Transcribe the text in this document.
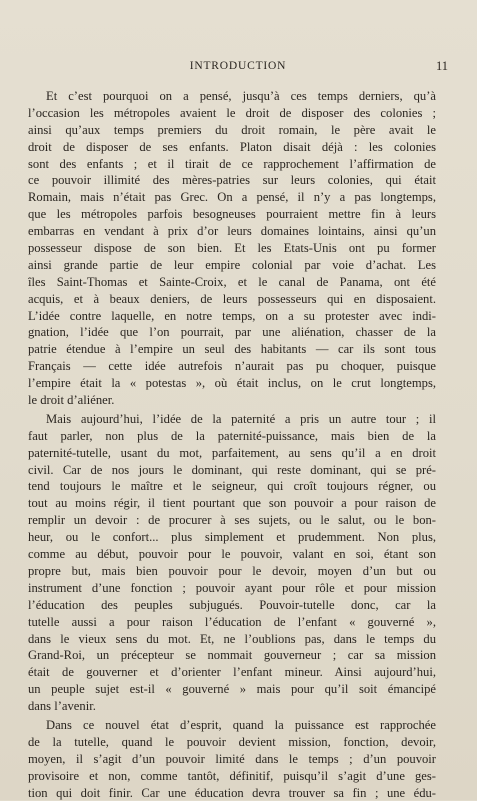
INTRODUCTION	11
Et c’est pourquoi on a pensé, jusqu’à ces temps derniers, qu’à
l’occasion les métropoles avaient le droit de disposer des colonies ;
ainsi qu’aux temps premiers du droit romain, le père avait le
droit de disposer de ses enfants. Platon disait déjà : les colonies
sont des enfants ; et il tirait de ce rapprochement l’affirmation de
ce pouvoir illimité des mères-patries sur leurs colonies, qui était
Romain, mais n’était pas Grec. On a pensé, il n’y a pas longtemps,
que les métropoles parfois besogneuses pourraient mettre fin à leurs
embarras en vendant à prix d’or leurs domaines lointains, ainsi qu’un
possesseur dispose de son bien. Et les Etats-Unis ont pu former
ainsi grande partie de leur empire colonial par voie d’achat. Les
îles Saint-Thomas et Sainte-Croix, et le canal de Panama, ont été
acquis, et à beaux deniers, de leurs possesseurs qui en disposaient.
L’idée contre laquelle, en notre temps, on a su protester avec indi-
gnation, l’idée que l’on pourrait, par une aliénation, chasser de la
patrie étendue à l’empire un seul des habitants — car ils sont tous
Français — cette idée autrefois n’aurait pas pu choquer, puisque
l’empire était la « potestas », où était inclus, on le crut longtemps,
le droit d’aliéner.
Mais aujourd’hui, l’idée de la paternité a pris un autre tour ; il
faut parler, non plus de la paternité-puissance, mais bien de la
paternité-tutelle, usant du mot, parfaitement, au sens qu’il a en droit
civil. Car de nos jours le dominant, qui reste dominant, qui se pré-
tend toujours le maître et le seigneur, qui croît toujours régner, ou
tout au moins régir, il tient pourtant que son pouvoir a pour raison de
remplir un devoir : de procurer à ses sujets, ou le salut, ou le bon-
heur, ou le confort... plus simplement et prudemment. Non plus,
comme au début, pouvoir pour le pouvoir, valant en soi, étant son
propre but, mais bien pouvoir pour le devoir, moyen d’un but ou
instrument d’une fonction ; pouvoir ayant pour rôle et pour mission
l’éducation des peuples subjugués. Pouvoir-tutelle donc, car la
tutelle aussi a pour raison l’éducation de l’enfant « gouverné »,
dans le vieux sens du mot. Et, ne l’oublions pas, dans le temps du
Grand-Roi, un précepteur se nommait gouverneur ; car sa mission
était de gouverner et d’orienter l’enfant mineur. Ainsi aujourd’hui,
un peuple sujet est-il « gouverné » mais pour qu’il soit émancipé
dans l’avenir.
Dans ce nouvel état d’esprit, quand la puissance est rapprochée
de la tutelle, quand le pouvoir devient mission, fonction, devoir,
moyen, il s’agit d’un pouvoir limité dans le temps ; d’un pouvoir
provisoire et non, comme tantôt, définitif, puisqu’il s’agit d’une ges-
tion qui doit finir. Car une éducation devra trouver sa fin ; une édu-
